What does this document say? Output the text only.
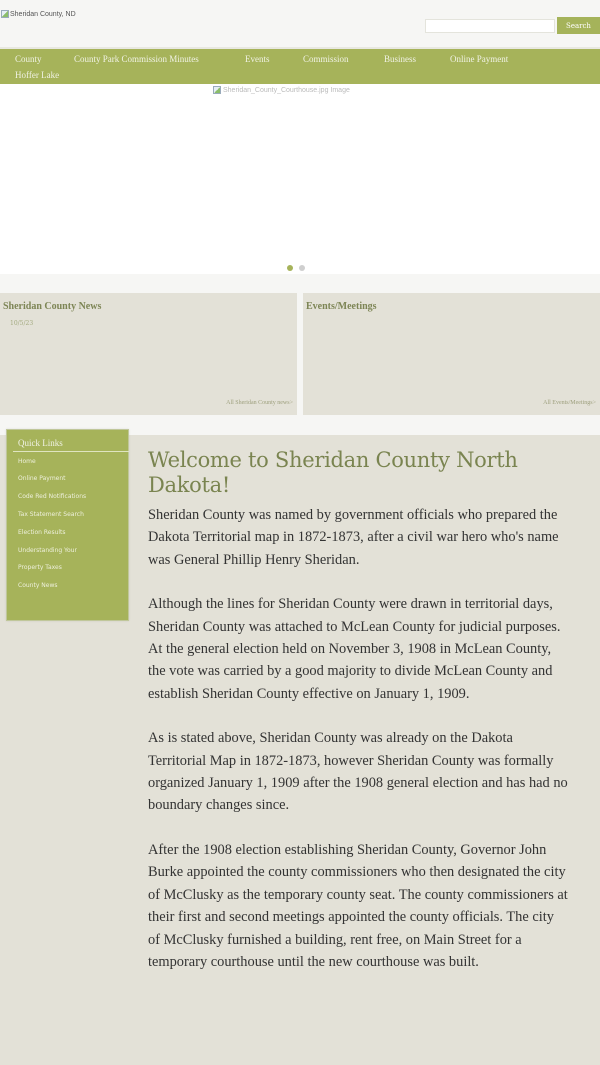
Sheridan County, ND
Search
County	County Park Commission Minutes	Events	Commission	Business	Online Payment
Hoffer Lake
Sheridan_County_Courthouse.jpg Image
Sheridan County News
10/5/23
All Sheridan County news>
Events/Meetings
All Events/Meetings>
Quick Links
Home
Online Payment
Code Red Notifications
Tax Statement Search
Election Results
Understanding Your
Property Taxes
County News
Welcome to Sheridan County North Dakota!

Sheridan County was named by government officials who prepared the Dakota Territorial map in 1872-1873, after a civil war hero who's name was General Phillip Henry Sheridan.

Although the lines for Sheridan County were drawn in territorial days, Sheridan County was attached to McLean County for judicial purposes. At the general election held on November 3, 1908 in McLean County, the vote was carried by a good majority to divide McLean County and establish Sheridan County effective on January 1, 1909.

As is stated above, Sheridan County was already on the Dakota Territorial Map in 1872-1873, however Sheridan County was formally organized January 1, 1909 after the 1908 general election and has had no boundary changes since.

After the 1908 election establishing Sheridan County, Governor John Burke appointed the county commissioners who then designated the city of McClusky as the temporary county seat. The county commissioners at their first and second meetings appointed the county officials. The city of McClusky furnished a building, rent free, on Main Street for a temporary courthouse until the new courthouse was built.
